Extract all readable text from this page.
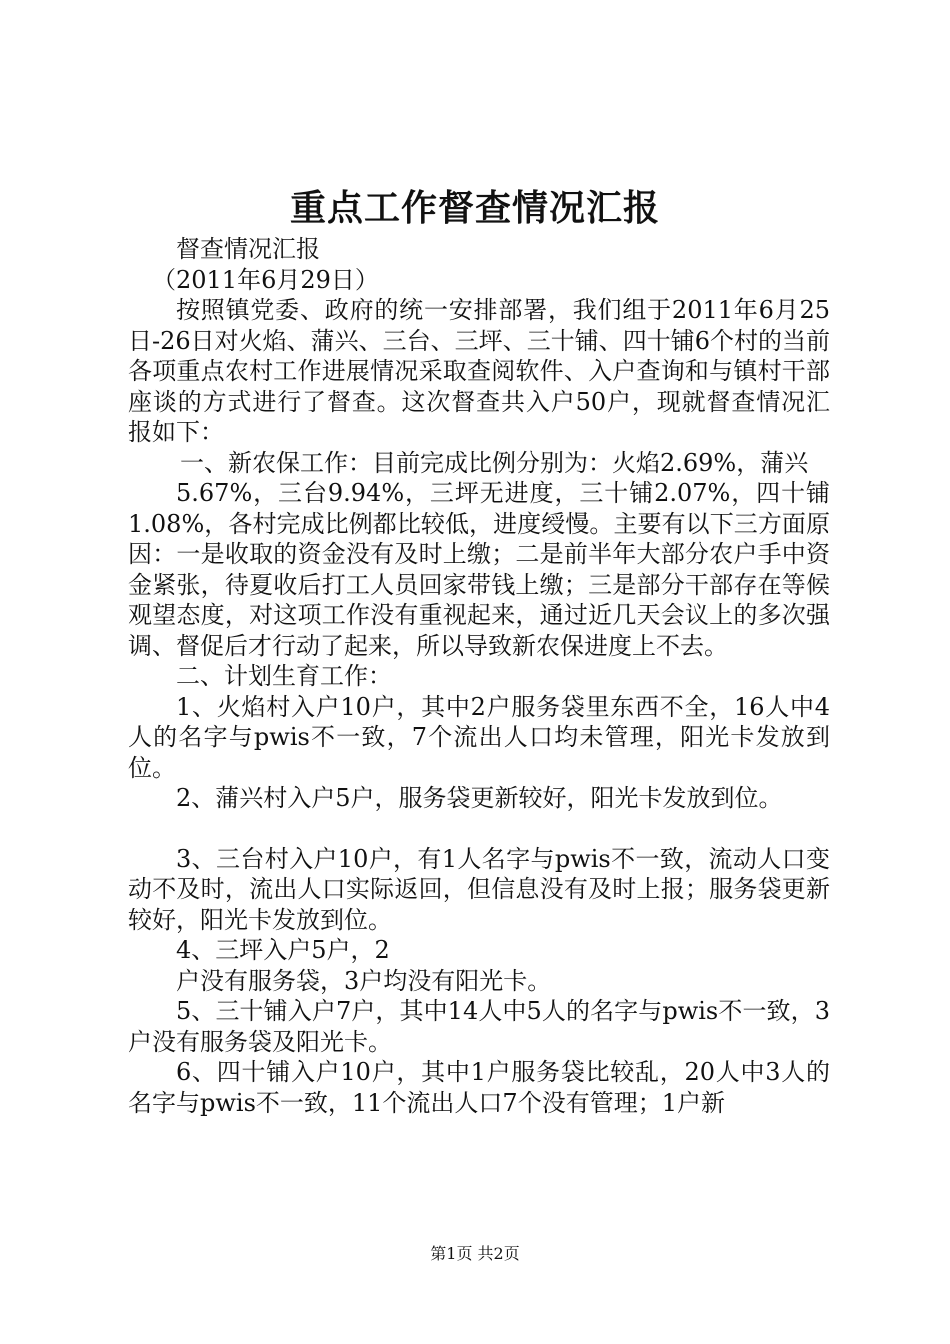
重点工作督查情况汇报

督查情况汇报

（2011年6月29日）

按照镇党委、政府的统一安排部署，我们组于2011年6月25日-26日对火焰、蒲兴、三台、三坪、三十铺、四十铺6个村的当前各项重点农村工作进展情况采取查阅软件、入户查询和与镇村干部座谈的方式进行了督查。这次督查共入户50户，现就督查情况汇报如下：

一、新农保工作：目前完成比例分别为：火焰2.69%，蒲兴

5.67%，三台9.94%，三坪无进度，三十铺2.07%，四十铺1.08%，各村完成比例都比较低，进度绶慢。主要有以下三方面原因：一是收取的资金没有及时上缴；二是前半年大部分农户手中资金紧张，待夏收后打工人员回家带钱上缴；三是部分干部存在等候观望态度，对这项工作没有重视起来，通过近几天会议上的多次强调、督促后才行动了起来，所以导致新农保进度上不去。

二、计划生育工作：

1、火焰村入户10户，其中2户服务袋里东西不全，16人中4人的名字与pwis不一致，7个流出人口均未管理，阳光卡发放到位。

2、蒲兴村入户5户，服务袋更新较好，阳光卡发放到位。

3、三台村入户10户，有1人名字与pwis不一致，流动人口变动不及时，流出人口实际返回，但信息没有及时上报；服务袋更新较好，阳光卡发放到位。

4、三坪入户5户，2

户没有服务袋，3户均没有阳光卡。

5、三十铺入户7户，其中14人中5人的名字与pwis不一致，3户没有服务袋及阳光卡。

6、四十铺入户10户，其中1户服务袋比较乱，20人中3人的名字与pwis不一致，11个流出人口7个没有管理；1户新

第1页 共2页
